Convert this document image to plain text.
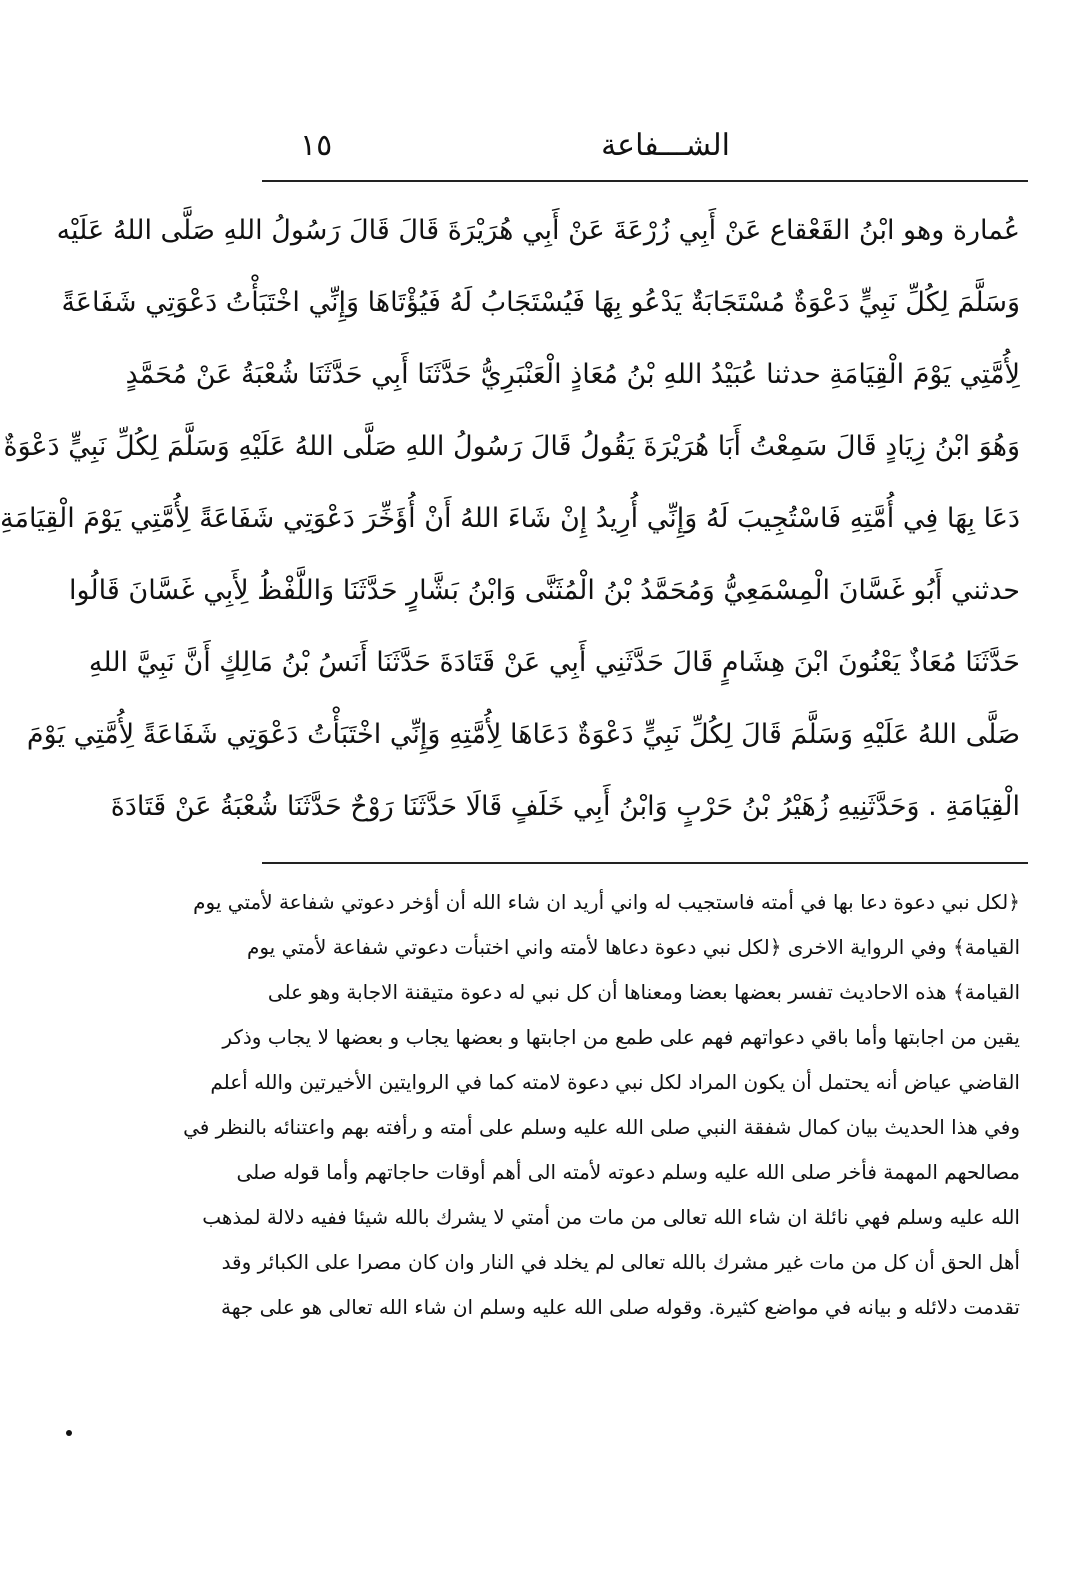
الشـــفاعة
١٥
عُمارة وهو ابْنُ القَعْقاع عَنْ أَبِي زُرْعَةَ عَنْ أَبِي هُرَيْرَةَ قَالَ قَالَ رَسُولُ اللهِ صَلَّى اللهُ عَلَيْه
وَسَلَّمَ لِكُلِّ نَبِيٍّ دَعْوَةٌ مُسْتَجَابَةٌ يَدْعُو بِهَا فَيُسْتَجَابُ لَهُ فَيُؤْتَاهَا وَإِنِّي اخْتَبَأْتُ دَعْوَتِي شَفَاعَةً
لِأُمَّتِي يَوْمَ الْقِيَامَةِ حدثنا عُبَيْدُ اللهِ بْنُ مُعَاذٍ الْعَنْبَرِيُّ حَدَّثَنَا أَبِي حَدَّثَنَا شُعْبَةُ عَنْ مُحَمَّدٍ
وَهُوَ ابْنُ زِيَادٍ قَالَ سَمِعْتُ أَبَا هُرَيْرَةَ يَقُولُ قَالَ رَسُولُ اللهِ صَلَّى اللهُ عَلَيْهِ وَسَلَّمَ لِكُلِّ نَبِيٍّ دَعْوَةٌ
دَعَا بِهَا فِي أُمَّتِهِ فَاسْتُجِيبَ لَهُ وَإِنِّي أُرِيدُ إِنْ شَاءَ اللهُ أَنْ أُؤَخِّرَ دَعْوَتِي شَفَاعَةً لِأُمَّتِي يَوْمَ الْقِيَامَةِ
حدثني أَبُو غَسَّانَ الْمِسْمَعِيُّ وَمُحَمَّدُ بْنُ الْمُثَنَّى وَابْنُ بَشَّارٍ حَدَّثَنَا وَاللَّفْظُ لِأَبِي غَسَّانَ قَالُوا
حَدَّثَنَا مُعَاذٌ يَعْنُونَ ابْنَ هِشَامٍ قَالَ حَدَّثَنِي أَبِي عَنْ قَتَادَةَ حَدَّثَنَا أَنَسُ بْنُ مَالِكٍ أَنَّ نَبِيَّ اللهِ
صَلَّى اللهُ عَلَيْهِ وَسَلَّمَ قَالَ لِكُلِّ نَبِيٍّ دَعْوَةٌ دَعَاهَا لِأُمَّتِهِ وَإِنِّي اخْتَبَأْتُ دَعْوَتِي شَفَاعَةً لِأُمَّتِي يَوْمَ
الْقِيَامَةِ . وَحَدَّثَنِيهِ زُهَيْرُ بْنُ حَرْبٍ وَابْنُ أَبِي خَلَفٍ قَالَا حَدَّثَنَا رَوْحٌ حَدَّثَنَا شُعْبَةُ عَنْ قَتَادَةَ
﴿لكل نبي دعوة دعا بها في أمته فاستجيب له واني أريد ان شاء الله أن أؤخر دعوتي شفاعة لأمتي يوم
القيامة﴾ وفي الرواية الاخرى ﴿لكل نبي دعوة دعاها لأمته واني اختبأت دعوتي شفاعة لأمتي يوم
القيامة﴾ هذه الاحاديث تفسر بعضها بعضا ومعناها أن كل نبي له دعوة متيقنة الاجابة وهو على
يقين من اجابتها وأما باقي دعواتهم فهم على طمع من اجابتها و بعضها يجاب و بعضها لا يجاب وذكر
القاضي عياض أنه يحتمل أن يكون المراد لكل نبي دعوة لامته كما في الروايتين الأخيرتين والله أعلم
وفي هذا الحديث بيان كمال شفقة النبي صلى الله عليه وسلم على أمته و رأفته بهم واعتنائه بالنظر في
مصالحهم المهمة فأخر صلى الله عليه وسلم دعوته لأمته الى أهم أوقات حاجاتهم وأما قوله صلى
الله عليه وسلم فهي نائلة ان شاء الله تعالى من مات من أمتي لا يشرك بالله شيئا ففيه دلالة لمذهب
أهل الحق أن كل من مات غير مشرك بالله تعالى لم يخلد في النار وان كان مصرا على الكبائر وقد
تقدمت دلائله و بيانه في مواضع كثيرة. وقوله صلى الله عليه وسلم ان شاء الله تعالى هو على جهة
